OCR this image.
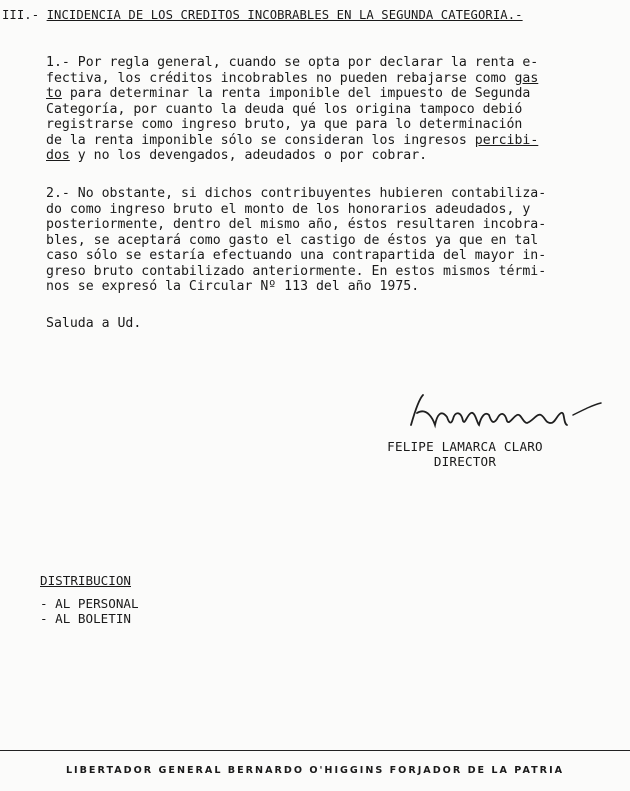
III.- INCIDENCIA DE LOS CREDITOS INCOBRABLES EN LA SEGUNDA CATEGORIA.-
1.- Por regla general, cuando se opta por declarar la renta e-
fectiva, los créditos incobrables no pueden rebajarse como gas
to para determinar la renta imponible del impuesto de Segunda
Categoría, por cuanto la deuda qué los origina tampoco debió
registrarse como ingreso bruto, ya que para lo determinación
de la renta imponible sólo se consideran los ingresos percibi-
dos y no los devengados, adeudados o por cobrar.
2.- No obstante, si dichos contribuyentes hubieren contabiliza-
do como ingreso bruto el monto de los honorarios adeudados, y
posteriormente, dentro del mismo año, éstos resultaren incobra-
bles, se aceptará como gasto el castigo de éstos ya que en tal
caso sólo se estaría efectuando una contrapartida del mayor in-
greso bruto contabilizado anteriormente. En estos mismos térmi-
nos se expresó la Circular Nº 113 del año 1975.
Saluda a Ud.
FELIPE LAMARCA CLARO
DIRECTOR
DISTRIBUCION
- AL PERSONAL
- AL BOLETIN
LIBERTADOR GENERAL BERNARDO O'HIGGINS FORJADOR DE LA PATRIA
